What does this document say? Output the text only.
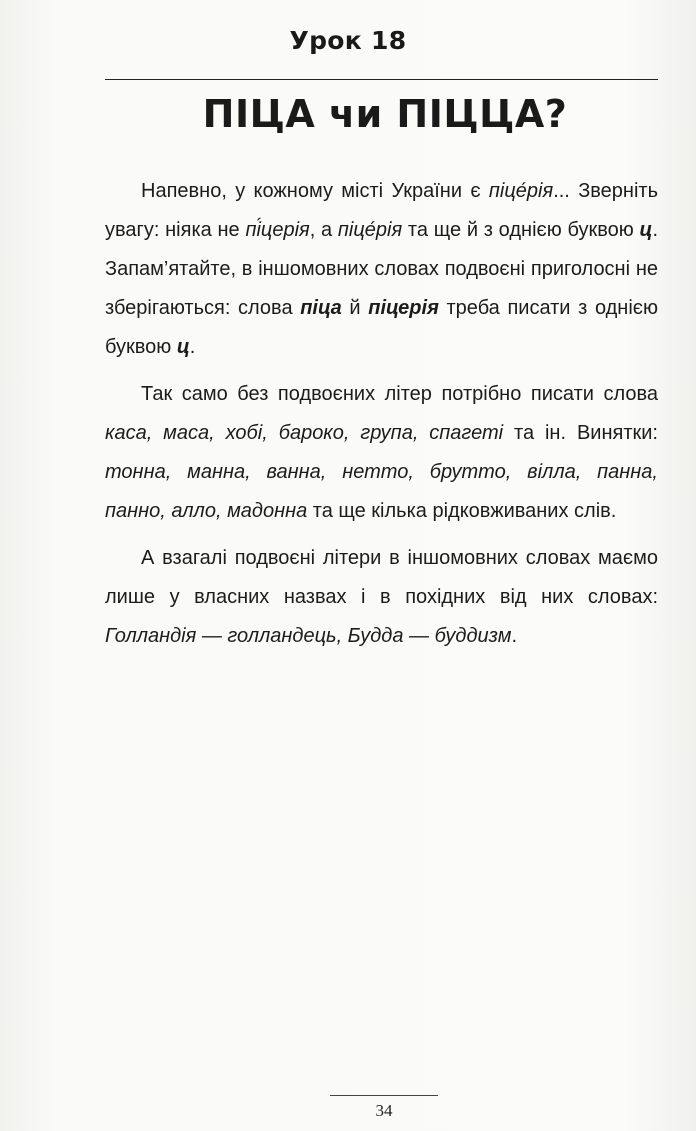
Урок 18
ПІЦА чи ПІЦЦА?

Напевно, у кожному місті України є піце́рія... Зверніть увагу: ніяка не пі́церія, а піце́рія та ще й з однією буквою ц. Запам’ятайте, в іншомовних словах подвоєні приголосні не зберігаються: слова піца й піцерія треба писати з однією буквою ц.

Так само без подвоєних літер потрібно писати слова каса, маса, хобі, бароко, група, спагеті та ін. Винятки: тонна, манна, ванна, нетто, брутто, вілла, панна, панно, алло, мадонна та ще кілька рідковживаних слів.

А взагалі подвоєні літери в іншомовних словах маємо лише у власних назвах і в похідних від них словах: Голландія — голландець, Будда — буддизм.

34
